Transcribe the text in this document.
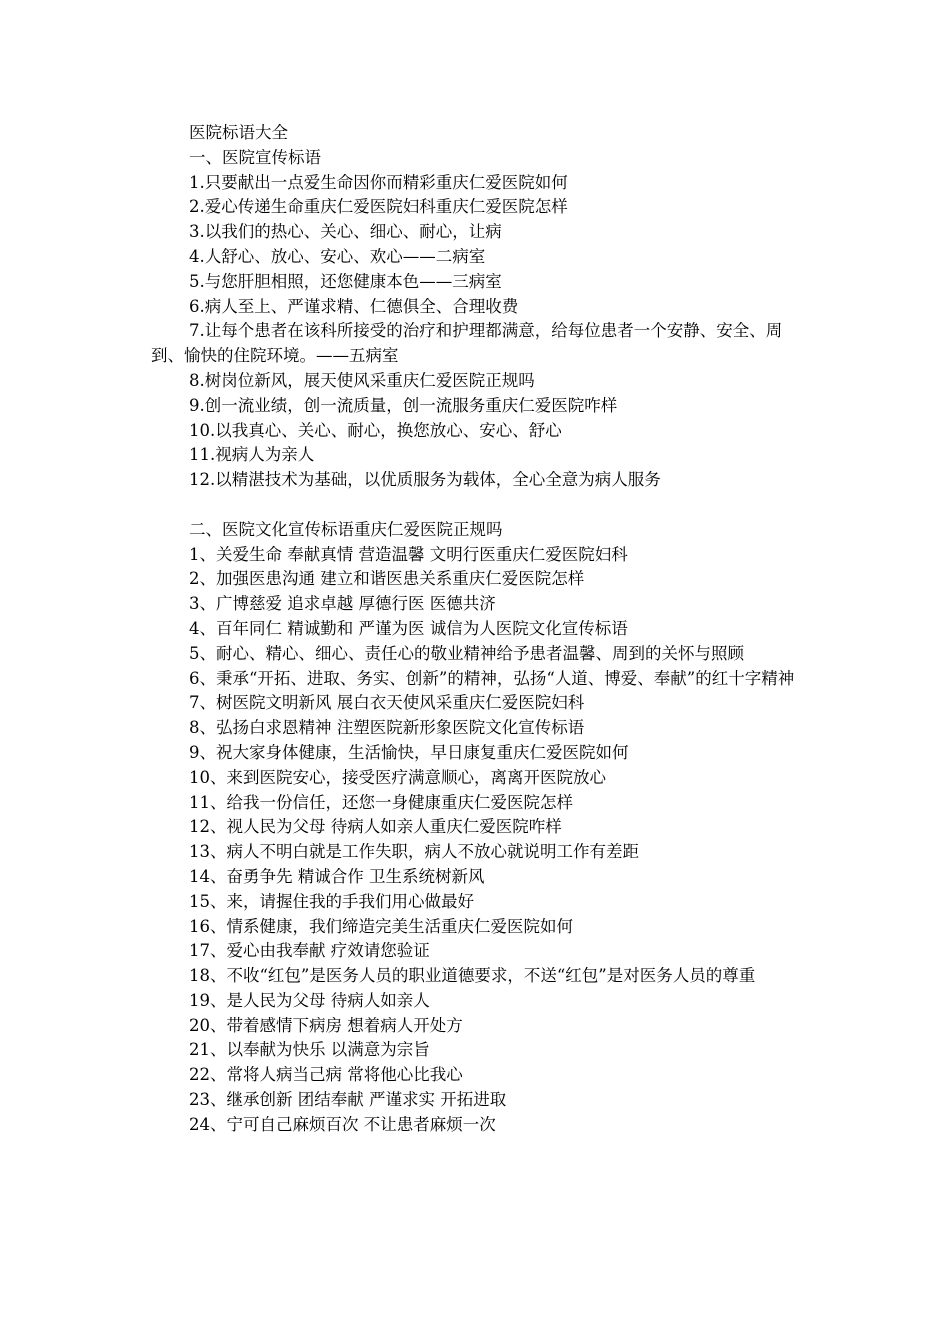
医院标语大全

一、医院宣传标语

1.只要献出一点爱生命因你而精彩重庆仁爱医院如何

2.爱心传递生命重庆仁爱医院妇科重庆仁爱医院怎样

3.以我们的热心、关心、细心、耐心，让病

4.人舒心、放心、安心、欢心——二病室

5.与您肝胆相照，还您健康本色——三病室

6.病人至上、严谨求精、仁德俱全、合理收费

7.让每个患者在该科所接受的治疗和护理都满意，给每位患者一个安静、安全、周到、愉快的住院环境。——五病室

8.树岗位新风，展天使风采重庆仁爱医院正规吗

9.创一流业绩，创一流质量，创一流服务重庆仁爱医院咋样

10.以我真心、关心、耐心，换您放心、安心、舒心

11.视病人为亲人

12.以精湛技术为基础，以优质服务为载体，全心全意为病人服务

二、医院文化宣传标语重庆仁爱医院正规吗

1、关爱生命 奉献真情 营造温馨 文明行医重庆仁爱医院妇科

2、加强医患沟通 建立和谐医患关系重庆仁爱医院怎样

3、广博慈爱 追求卓越 厚德行医 医德共济

4、百年同仁 精诚勤和 严谨为医 诚信为人医院文化宣传标语

5、耐心、精心、细心、责任心的敬业精神给予患者温馨、周到的关怀与照顾

6、秉承“开拓、进取、务实、创新”的精神，弘扬“人道、博爱、奉献”的红十字精神

7、树医院文明新风 展白衣天使风采重庆仁爱医院妇科

8、弘扬白求恩精神 注塑医院新形象医院文化宣传标语

9、祝大家身体健康，生活愉快，早日康复重庆仁爱医院如何

10、来到医院安心，接受医疗满意顺心，离离开医院放心

11、给我一份信任，还您一身健康重庆仁爱医院怎样

12、视人民为父母 待病人如亲人重庆仁爱医院咋样

13、病人不明白就是工作失职，病人不放心就说明工作有差距

14、奋勇争先 精诚合作 卫生系统树新风

15、来，请握住我的手我们用心做最好

16、情系健康，我们缔造完美生活重庆仁爱医院如何

17、爱心由我奉献 疗效请您验证

18、不收“红包”是医务人员的职业道德要求，不送“红包”是对医务人员的尊重

19、是人民为父母 待病人如亲人

20、带着感情下病房 想着病人开处方

21、以奉献为快乐 以满意为宗旨

22、常将人病当己病 常将他心比我心

23、继承创新 团结奉献 严谨求实 开拓进取

24、宁可自己麻烦百次 不让患者麻烦一次
